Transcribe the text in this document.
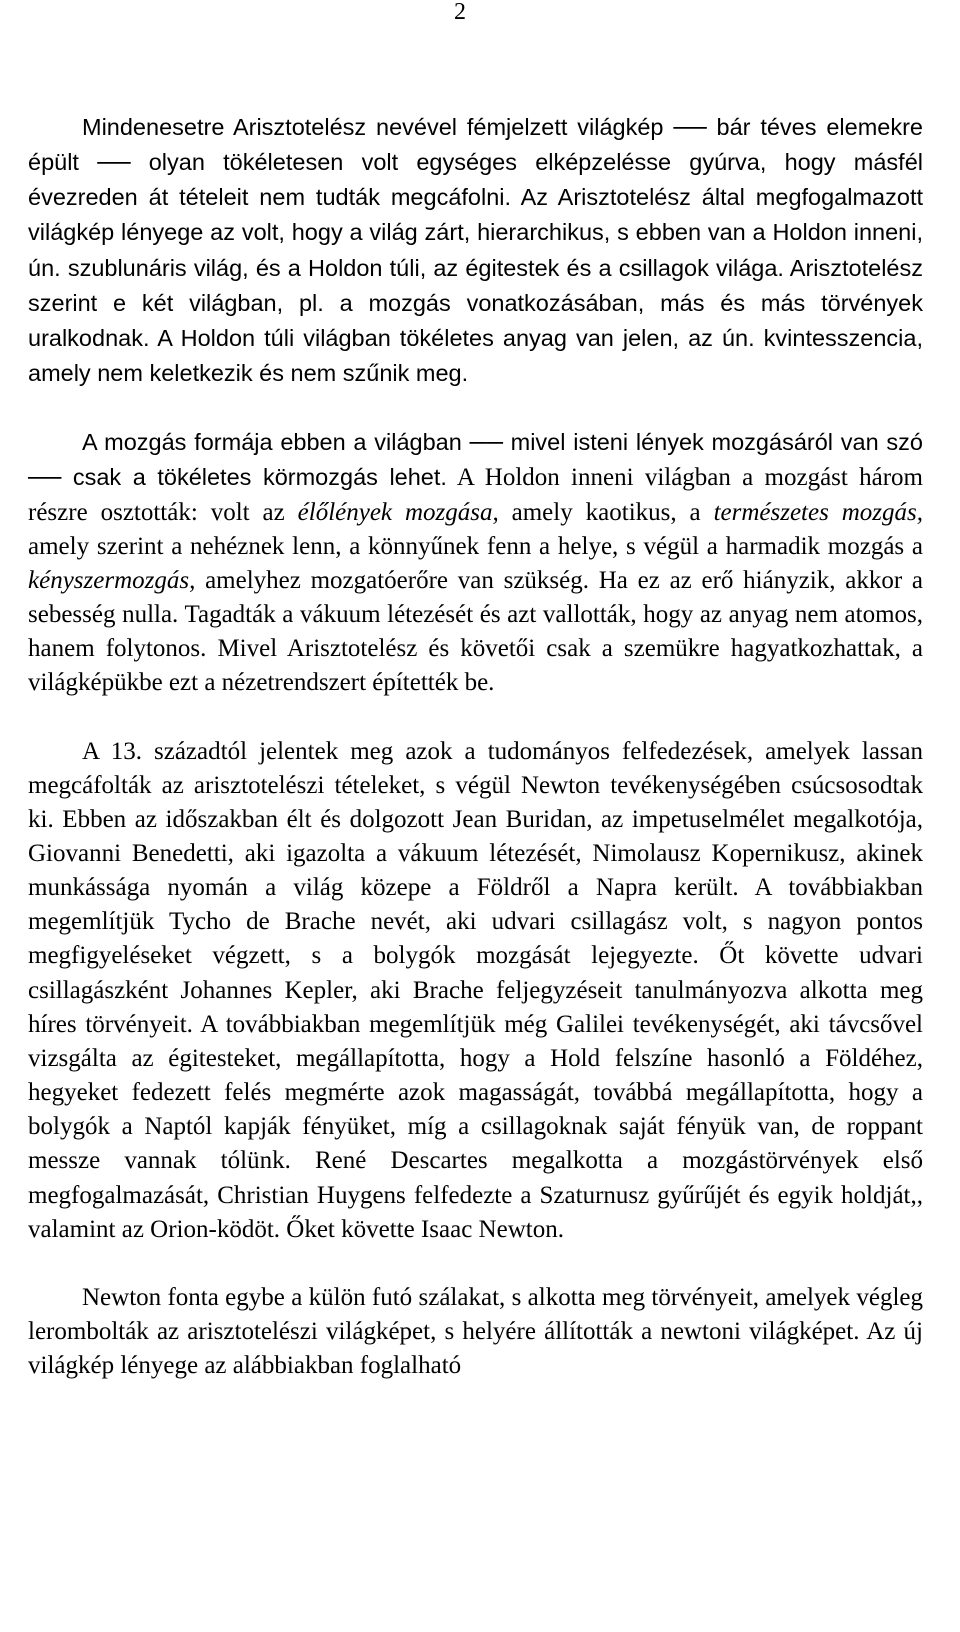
2

Mindenesetre Arisztotelész nevével fémjelzett világkép ── bár téves elemekre épült ── olyan tökéletesen volt egységes elképzelésse gyúrva, hogy másfél évezreden át tételeit nem tudták megcáfolni. Az Arisztotelész által megfogalmazott világkép lényege az volt, hogy a világ zárt, hierarchikus, s ebben van a Holdon inneni, ún. szublunáris világ, és a Holdon túli, az égitestek és a csillagok világa. Arisztotelész szerint e két világban, pl. a mozgás vonatkozásában, más és más törvények uralkodnak. A Holdon túli világban tökéletes anyag van jelen, az ún. kvintesszencia, amely nem keletkezik és nem szűnik meg.

A mozgás formája ebben a világban ── mivel isteni lények mozgásáról van szó ── csak a tökéletes körmozgás lehet. A Holdon inneni világban a mozgást három részre osztották: volt az élőlények mozgása, amely kaotikus, a természetes mozgás, amely szerint a nehéznek lenn, a könnyűnek fenn a helye, s végül a harmadik mozgás a kényszermozgás, amelyhez mozgatóerőre van szükség. Ha ez az erő hiányzik, akkor a sebesség nulla. Tagadták a vákuum létezését és azt vallották, hogy az anyag nem atomos, hanem folytonos. Mivel Arisztotelész és követői csak a szemükre hagyatkozhattak, a világképükbe ezt a nézetrendszert építették be.

A 13. századtól jelentek meg azok a tudományos felfedezések, amelyek lassan megcáfolták az arisztotelészi tételeket, s végül Newton tevékenységében csúcsosodtak ki. Ebben az időszakban élt és dolgozott Jean Buridan, az impetuselmélet megalkotója, Giovanni Benedetti, aki igazolta a vákuum létezését, Nimolausz Kopernikusz, akinek munkássága nyomán a világ közepe a Földről a Napra került. A továbbiakban megemlítjük Tycho de Brache nevét, aki udvari csillagász volt, s nagyon pontos megfigyeléseket végzett, s a bolygók mozgását lejegyezte. Őt követte udvari csillagászként Johannes Kepler, aki Brache feljegyzéseit tanulmányozva alkotta meg híres törvényeit. A továbbiakban megemlítjük még Galilei tevékenységét, aki távcsővel vizsgálta az égitesteket, megállapította, hogy a Hold felszíne hasonló a Földéhez, hegyeket fedezett felés megmérte azok magasságát, továbbá megállapította, hogy a bolygók a Naptól kapják fényüket, míg a csillagoknak saját fényük van, de roppant messze vannak tólünk. René Descartes megalkotta a mozgástörvények első megfogalmazását, Christian Huygens felfedezte a Szaturnusz gyűrűjét és egyik holdját,, valamint az Orion-ködöt. Őket követte Isaac Newton.

Newton fonta egybe a külön futó szálakat, s alkotta meg törvényeit, amelyek végleg lerombolták az arisztotelészi világképet, s helyére állították a newtoni világképet. Az új világkép lényege az alábbiakban foglalható
